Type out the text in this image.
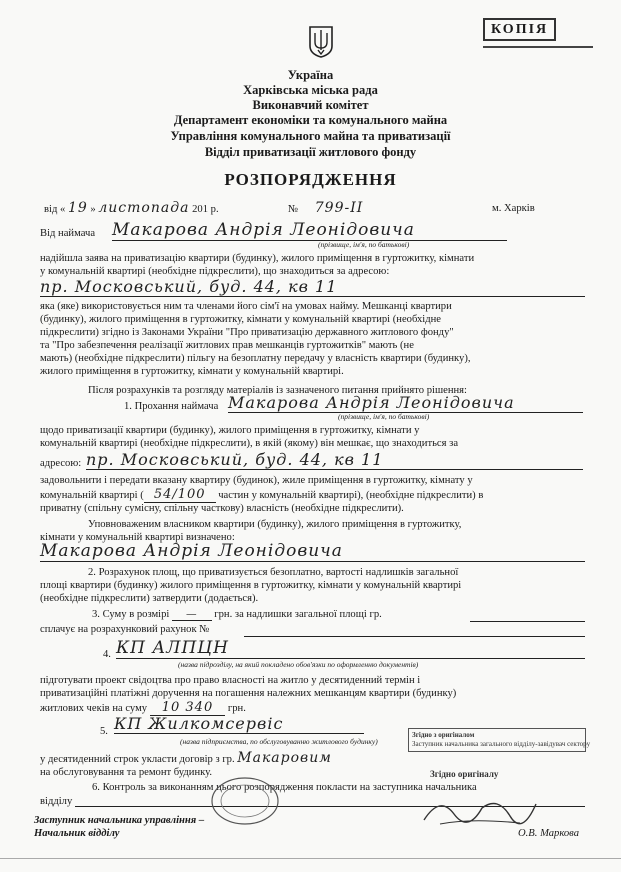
КОПІЯ
Україна
Харківська міська рада
Виконавчий комітет
Департамент економіки та комунального майна
Управління комунального майна та приватизації
Відділ приватизації житлового фонду
РОЗПОРЯДЖЕННЯ
від « 19 » листопада 201 р.	№ 799-ІІ	м. Харків
Від наймача Макарова Андрія Леонідовича
(прізвище, ім'я, по батькові)
надійшла заява на приватизацію квартири (будинку), жилого приміщення в гуртожитку, кімнати
у комунальній квартирі (необхідне підкреслити), що знаходиться за адресою:
пр. Московський, буд. 44, кв 11
яка (яке) використовується ним та членами його сім'ї на умовах найму. Мешканці квартири
(будинку), жилого приміщення в гуртожитку, кімнати у комунальній квартирі (необхідне
підкреслити) згідно із Законами України "Про приватизацію державного житлового фонду"
та "Про забезпечення реалізації житлових прав мешканців гуртожитків" мають (не
мають) (необхідне підкреслити) пільгу на безоплатну передачу у власність квартири (будинку),
жилого приміщення в гуртожитку, кімнати у комунальній квартирі.
Після розрахунків та розгляду матеріалів із зазначеного питання прийнято рішення:
1. Прохання наймача Макарова Андрія Леонідовича
(прізвище, ім'я, по батькові)
щодо приватизації квартири (будинку), жилого приміщення в гуртожитку, кімнати у
комунальній квартирі (необхідне підкреслити), в якій (якому) він мешкає, що знаходиться за
адресою: пр. Московський, буд. 44, кв 11
задовольнити і передати вказану квартиру (будинок), жиле приміщення в гуртожитку, кімнату у
комунальній квартирі ( 54/100 частин у комунальній квартирі), (необхідне підкреслити) в
приватну (спільну сумісну, спільну часткову) власність (необхідне підкреслити).
Уповноваженим власником квартири (будинку), жилого приміщення в гуртожитку,
кімнати у комунальній квартирі визначено:
Макарова Андрія Леонідовича
2. Розрахунок площ, що приватизується безоплатно, вартості надлишків загальної
площі квартири (будинку) жилого приміщення в гуртожитку, кімнати у комунальній квартирі
(необхідне підкреслити) затвердити (додається).
3. Суму в розмірі — грн. за надлишки загальної площі гр.
сплачує на розрахунковий рахунок №
4. КП АЛПЦН
(назва підрозділу, на який покладено обов'язки по оформленню документів)
підготувати проект свідоцтва про право власності на житло у десятиденний термін і
приватизаційні платіжні доручення на погашення належних мешканцям квартири (будинку)
житлових чеків на суму 10 340 грн.
5. КП Жилкомсервіс
(назва підприємства, по обслуговуванню житлового будинку)
у десятиденний строк укласти договір з гр. Макаровим
на обслуговування та ремонт будинку.
6. Контроль за виконанням цього розпорядження покласти на заступника начальника
відділу
Заступник начальника управління –
Начальник відділу	О.В. Маркова
Згідно з оригіналом
Заступник начальника загального відділу-завідувач сектору
Згідно оригіналу
